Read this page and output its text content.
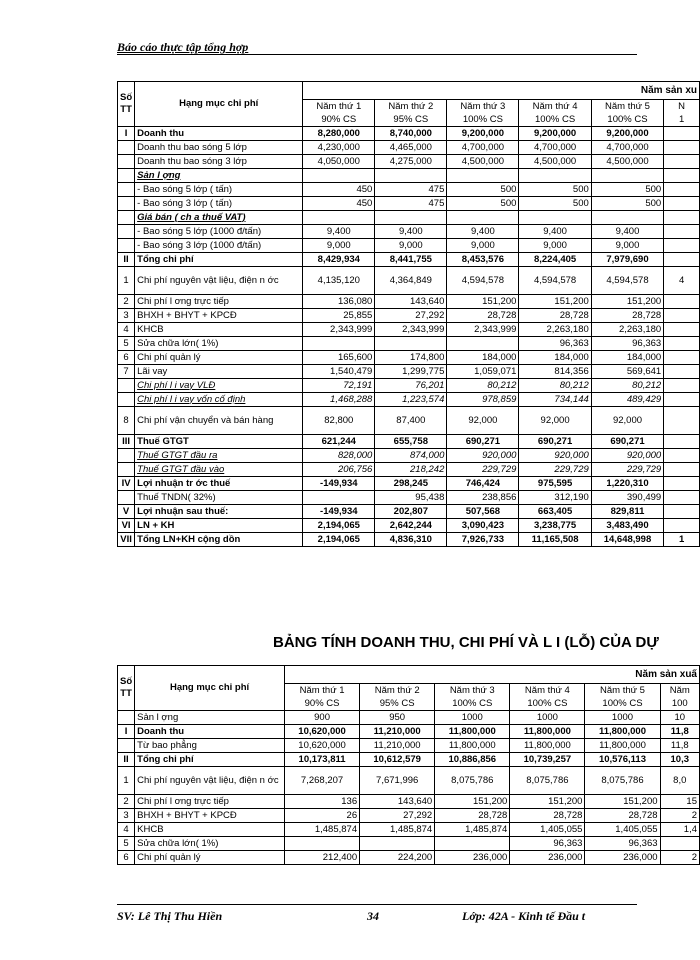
Báo cáo thực tập tổng hợp
Số TT	Hạng mục chi phí	Năm sản xu					
		Năm thứ 1	Năm thứ 2	Năm thứ 3	Năm thứ 4	Năm thứ 5	N
		90% CS	95% CS	100% CS	100% CS	100% CS	1
I	Doanh thu	8,280,000	8,740,000	9,200,000	9,200,000	9,200,000	
	Doanh thu bao sóng 5 lớp	4,230,000	4,465,000	4,700,000	4,700,000	4,700,000	
	Doanh thu bao sóng 3 lớp	4,050,000	4,275,000	4,500,000	4,500,000	4,500,000	
	Sản l ợng						
	- Bao sóng 5 lớp ( tấn)	450	475	500	500	500	
	- Bao sóng 3 lớp ( tấn)	450	475	500	500	500	
	Giá bán ( ch a thuế VAT)						
	- Bao sóng 5 lớp (1000 đ/tấn)	9,400	9,400	9,400	9,400	9,400	
	- Bao sóng 3 lớp (1000 đ/tấn)	9,000	9,000	9,000	9,000	9,000	
II	Tổng chi phí	8,429,934	8,441,755	8,453,576	8,224,405	7,979,690	
1	Chi phí nguyên vật liệu, điện n ớc	4,135,120	4,364,849	4,594,578	4,594,578	4,594,578	4
2	Chi phí l ơng trực tiếp	136,080	143,640	151,200	151,200	151,200	
3	BHXH + BHYT + KPCĐ	25,855	27,292	28,728	28,728	28,728	
4	KHCB	2,343,999	2,343,999	2,343,999	2,263,180	2,263,180	
5	Sửa chữa lớn( 1%)				96,363	96,363	
6	Chi phí quản lý	165,600	174,800	184,000	184,000	184,000	
7	Lãi vay	1,540,479	1,299,775	1,059,071	814,356	569,641	
	Chi phí l i vay VLĐ	72,191	76,201	80,212	80,212	80,212	
	Chi phí l i vay vốn cố định	1,468,288	1,223,574	978,859	734,144	489,429	
8	Chi phí vận chuyển và bán hàng	82,800	87,400	92,000	92,000	92,000	
III	Thuế GTGT	621,244	655,758	690,271	690,271	690,271	
	Thuế GTGT đầu ra	828,000	874,000	920,000	920,000	920,000	
	Thuế GTGT đầu vào	206,756	218,242	229,729	229,729	229,729	
IV	Lợi nhuận tr ớc thuế	-149,934	298,245	746,424	975,595	1,220,310	
	Thuế TNDN( 32%)		95,438	238,856	312,190	390,499	
V	Lợi nhuận sau thuế:	-149,934	202,807	507,568	663,405	829,811	
VI	LN + KH	2,194,065	2,642,244	3,090,423	3,238,775	3,483,490	
VII	Tổng LN+KH cộng dồn	2,194,065	4,836,310	7,926,733	11,165,508	14,648,998	1
BẢNG TÍNH DOANH THU, CHI PHÍ VÀ L I (LỖ) CỦA DỰ
Số TT	Hạng mục chi phí	Năm sản xuấ					
		Năm thứ 1	Năm thứ 2	Năm thứ 3	Năm thứ 4	Năm thứ 5	Năm
		90% CS	95% CS	100% CS	100% CS	100% CS	100
	Sản l ợng	900	950	1000	1000	1000	10
I	Doanh thu	10,620,000	11,210,000	11,800,000	11,800,000	11,800,000	11,8
	Từ bao phẳng	10,620,000	11,210,000	11,800,000	11,800,000	11,800,000	11,8
II	Tổng chi phí	10,173,811	10,612,579	10,886,856	10,739,257	10,576,113	10,3
1	Chi phí nguyên vật liệu, điện n ớc	7,268,207	7,671,996	8,075,786	8,075,786	8,075,786	8,0
2	Chi phí l ơng trực tiếp	136	143,640	151,200	151,200	151,200	15
3	BHXH + BHYT + KPCĐ	26	27,292	28,728	28,728	28,728	2
4	KHCB	1,485,874	1,485,874	1,485,874	1,405,055	1,405,055	1,4
5	Sửa chữa lớn( 1%)				96,363	96,363	
6	Chi phí quản lý	212,400	224,200	236,000	236,000	236,000	2
SV: Lê Thị Thu Hiền	34	Lớp: 42A - Kinh tế Đầu t
